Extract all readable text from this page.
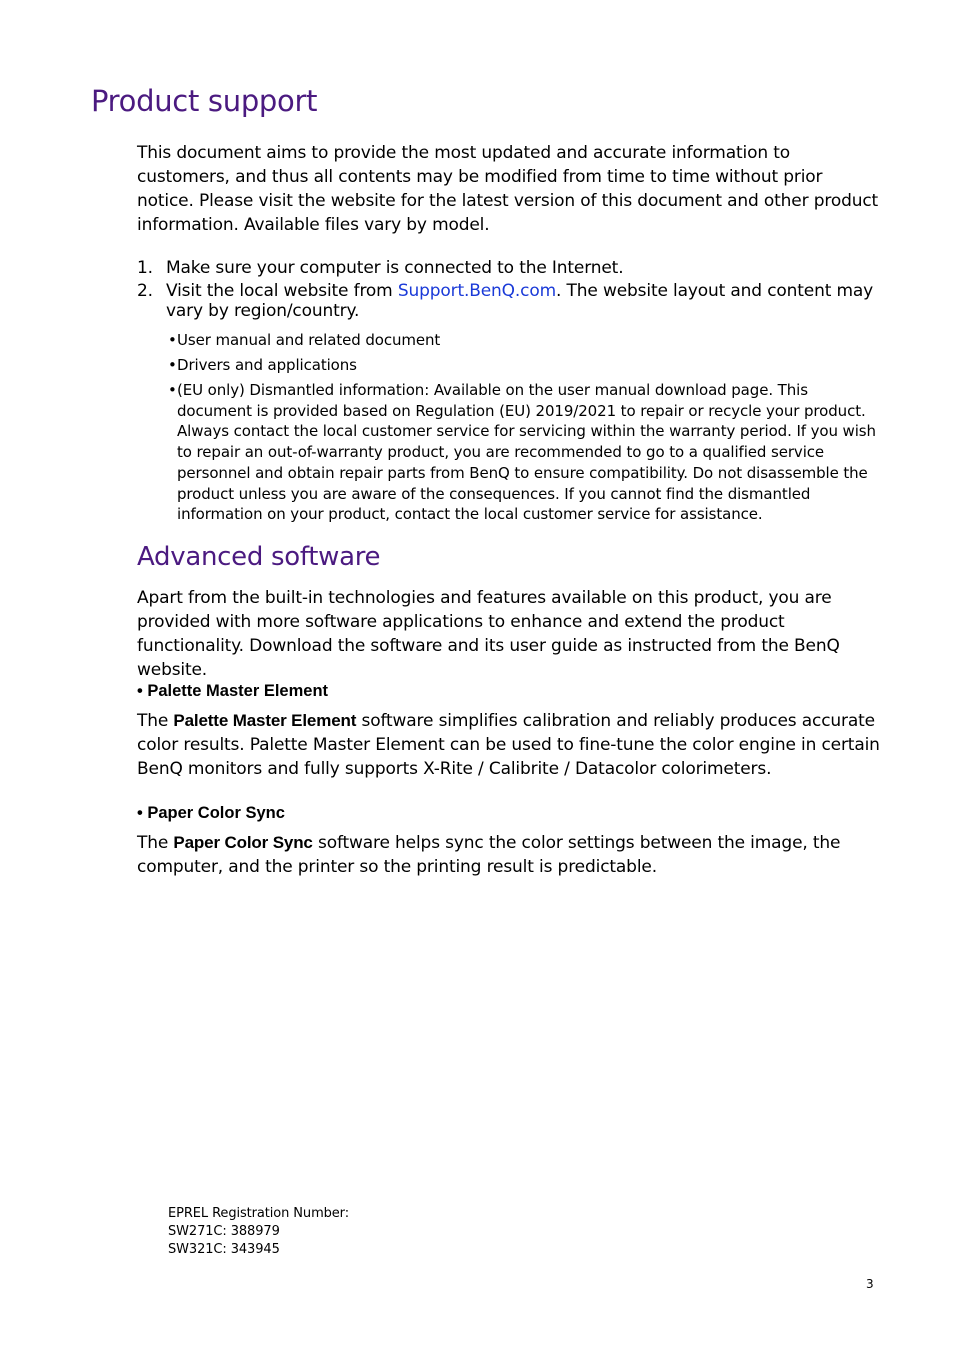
Product support
This document aims to provide the most updated and accurate information to customers, and thus all contents may be modified from time to time without prior notice. Please visit the website for the latest version of this document and other product information. Available files vary by model.
1. Make sure your computer is connected to the Internet.
2. Visit the local website from Support.BenQ.com. The website layout and content may vary by region/country.
• User manual and related document
• Drivers and applications
• (EU only) Dismantled information: Available on the user manual download page. This document is provided based on Regulation (EU) 2019/2021 to repair or recycle your product. Always contact the local customer service for servicing within the warranty period. If you wish to repair an out-of-warranty product, you are recommended to go to a qualified service personnel and obtain repair parts from BenQ to ensure compatibility. Do not disassemble the product unless you are aware of the consequences. If you cannot find the dismantled information on your product, contact the local customer service for assistance.
Advanced software
Apart from the built-in technologies and features available on this product, you are provided with more software applications to enhance and extend the product functionality. Download the software and its user guide as instructed from the BenQ website.
• Palette Master Element
The Palette Master Element software simplifies calibration and reliably produces accurate color results. Palette Master Element can be used to fine-tune the color engine in certain BenQ monitors and fully supports X-Rite / Calibrite / Datacolor colorimeters.
• Paper Color Sync
The Paper Color Sync software helps sync the color settings between the image, the computer, and the printer so the printing result is predictable.
EPREL Registration Number:
SW271C: 388979
SW321C: 343945
3
